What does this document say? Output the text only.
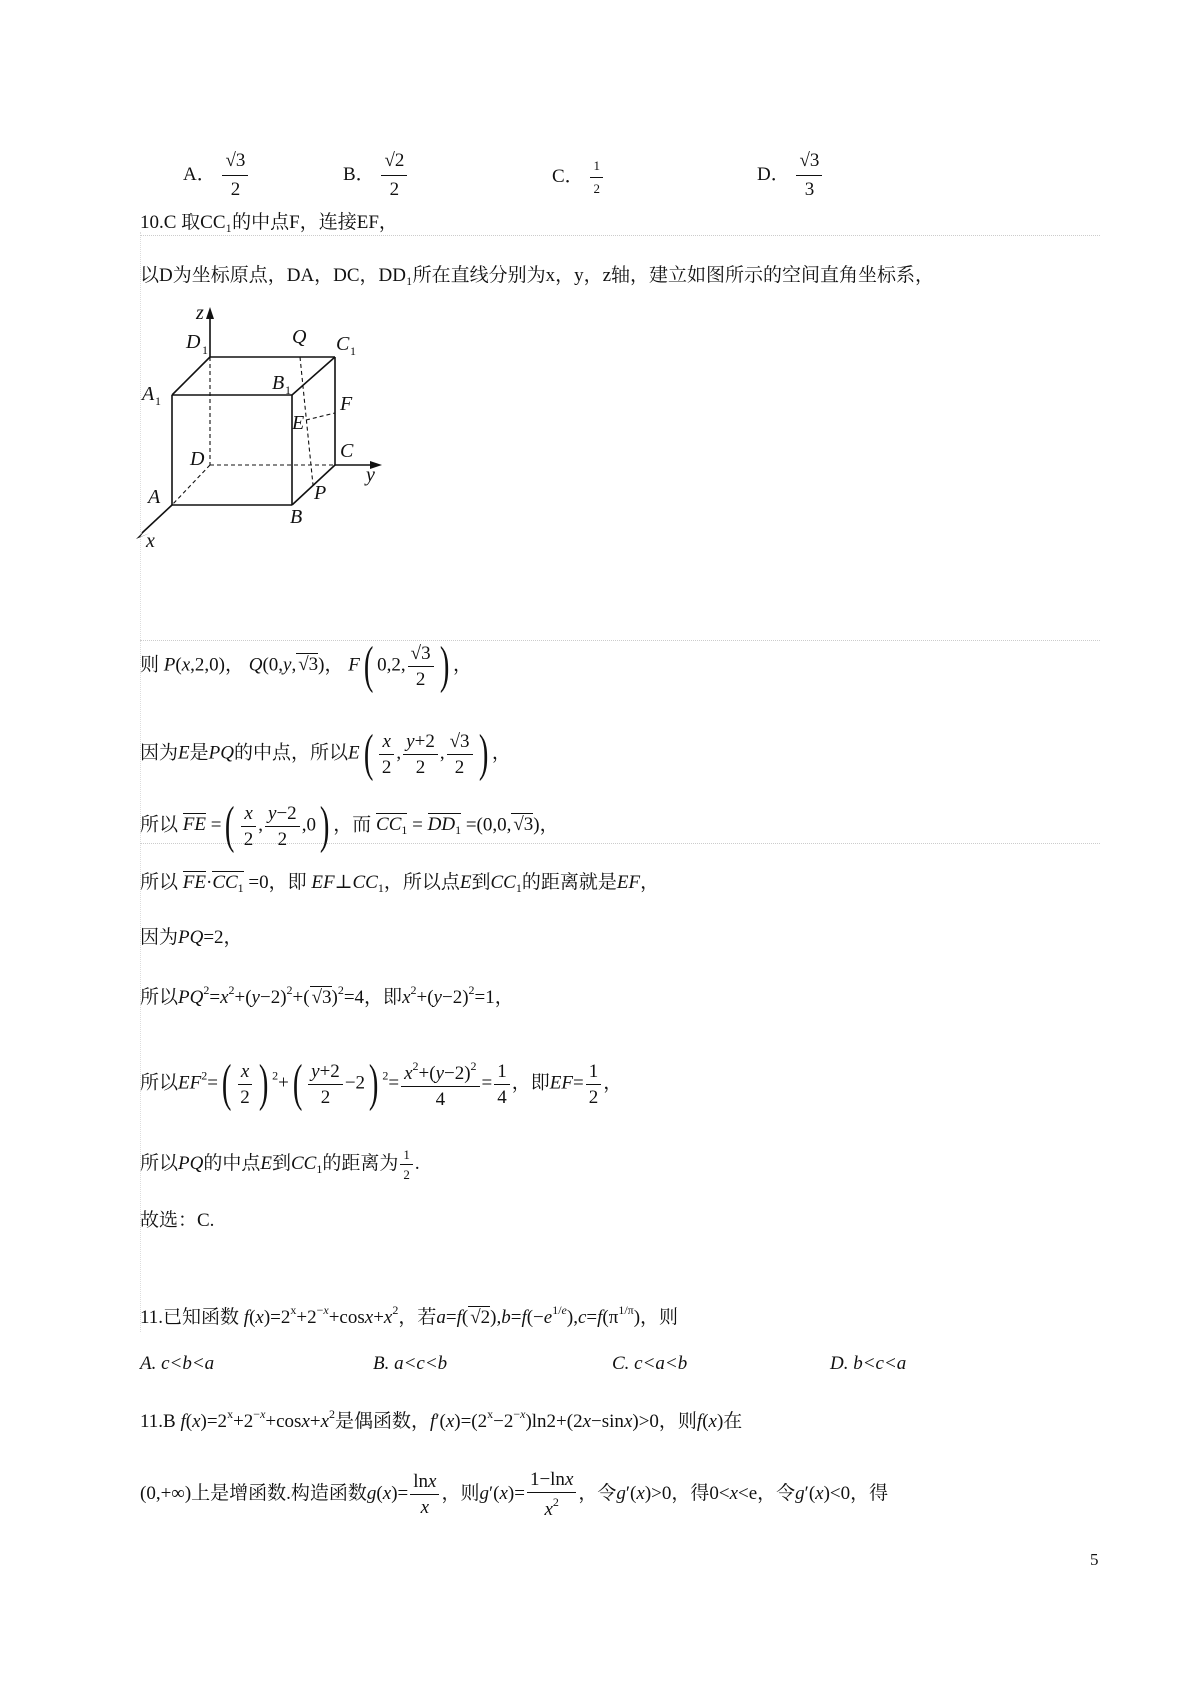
A． $\frac{√3}{2}$	B． $\frac{√2}{2}$	C． $\frac{1}{2}$	D． $\frac{√3}{3}$
10.C 取CC₁的中点F，连接EF，
以D为坐标原点，DA，DC，DD₁所在直线分别为x，y，z轴，建立如图所示的空间直角坐标系，
z
D 1
Q C 1
A 1
B 1
F
E
D	C
y
A	P
B
x
则 P(x,2,0)， Q(0,y, √3)， F( 0,2, $\frac{√3}{2}$ ) ，
因为E是PQ的中点，所以$E( \frac{x}{2}$ , $\frac{y+2}{2}$ , $\frac{√3}{2}$ ) ，
所以 FE =( $\frac{x}{2}$ , $\frac{y-2}{2} ,0$) ，而 $CC_1 = DD_1 =(0,0$, √3)，
所以 $FE\cdot CC_1 =0$，即 $EF\perp CC_1$，所以点E到$CC_1$的距离就是EF，
因为PQ=2，
所以$PQ^2=x^2+(y-2)^2+$( √3)$^2$=4，即$x^2+(y-2)^2=1$，
所以$EF^2=( \frac{x}{2}$ ) $^2+( \frac{y+2}{2} -2)$ $^2= \frac{x^2+(y-2)^2}{4} = \frac{1}{4}$ ，即$EF= \frac{1}{2}$ ，
所以PQ的中点E到$CC_1$的距离为 $\frac{1}{2}$ .
故选：C.
11.已知函数 $f(x)=2^x+2^{-x}+\cos x+x^2$，若a=f( $√2),b=f(-e^{1/e}),c=f(\pi^{1/\pi})$，则
A. c<b<a	B. a<c<b	C. c<a<b	D. b<c<a
11.B $f(x)=2^x+2^{-x}+\cos x+x^2$是偶函数，$f'(x)=(2^x-2^{-x})\ln 2+(2x-\sin x)>0$，则f(x)在
(0,+∞)上是增函数.构造函数$g(x)= \frac{\ln x}{x}$ ，则$g'(x)= \frac{1-\ln x}{x^2}$ ，令g′(x)>0，得0<x<e，令g′(x)<0，得
5
